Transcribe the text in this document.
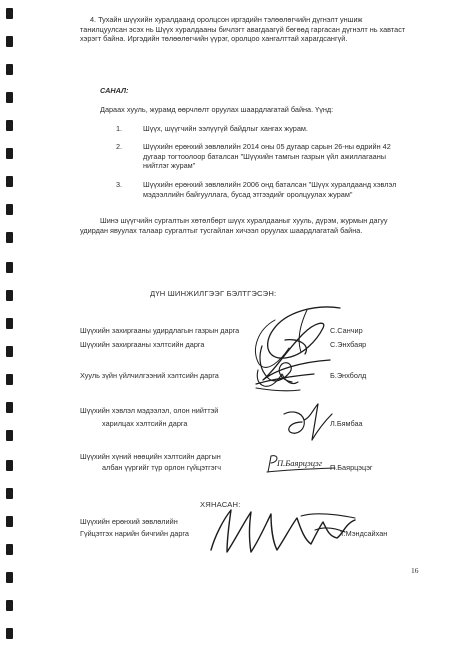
4. Тухайн шүүхийн хуралдаанд оролцсон иргэдийн тэлөөлөгчийн дүгнэлт уншиж танилцуулсан эсэх нь Шүүх хуралдааны бичлэгт авагдаагүй бөгөөд гаргасан дүгнэлт нь хавтаст хэрэгт байна. Иргэдийн төлөөлөгчийн үүрэг, оролцоо хангалттай харагдсангүй.
САНАЛ:
Дараах хууль, журамд өөрчлөлт оруулах шаардлагатай байна. Үүнд:
1.	Шүүх, шүүгчийн ээлүүгүй байдлыг хангах журам.
2.	Шүүхийн ерөнхий зөвлөлийн 2014 оны 05 дугаар сарын 26-ны өдрийн 42 дугаар тогтоолоор баталсан "Шүүхийн тамгын газрын үйл ажиллагааны нийтлэг журам"
3.	Шүүхийн ерөнхий зөвлөлийн 2006 онд баталсан "Шүүх хуралдаанд хэвлэл мэдээллийн байгууллага, бусад этгээдийг оролцуулах журам"
Шинэ шүүгчийн сургалтын хөтөлбөрт шүүх хуралдааныг хууль, дүрэм, журмын дагуу удирдан явуулах талаар сургалтыг тусгайлан хичээл оруулах шаардлагатай байна.
ДҮН ШИНЖИЛГЭЭГ БЭЛТГЭСЭН:
Шүүхийн захиргааны удирдлагын газрын дарга	С.Санчир
Шүүхийн захиргааны хэлтсийн дарга	С.Энхбаяр
Хууль зүйн үйлчилгээний хэлтсийн дарга	Б.Энхболд
Шүүхийн хэвлэл мэдээлэл, олон нийттэй
харилцах хэлтсийн дарга	Л.Бямбаа
Шүүхийн хүний нөөцийн хэлтсийн даргын
албан үүргийг түр орлон гүйцэтгэгч	П.Баярцэцэг
ХЯНАСАН:
Шүүхийн ерөнхий зөвлөлийн
Гүйцэтгэх нарийн бичгийн дарга	Т.Мэндсайхан
16
П.Баярцэцэг
